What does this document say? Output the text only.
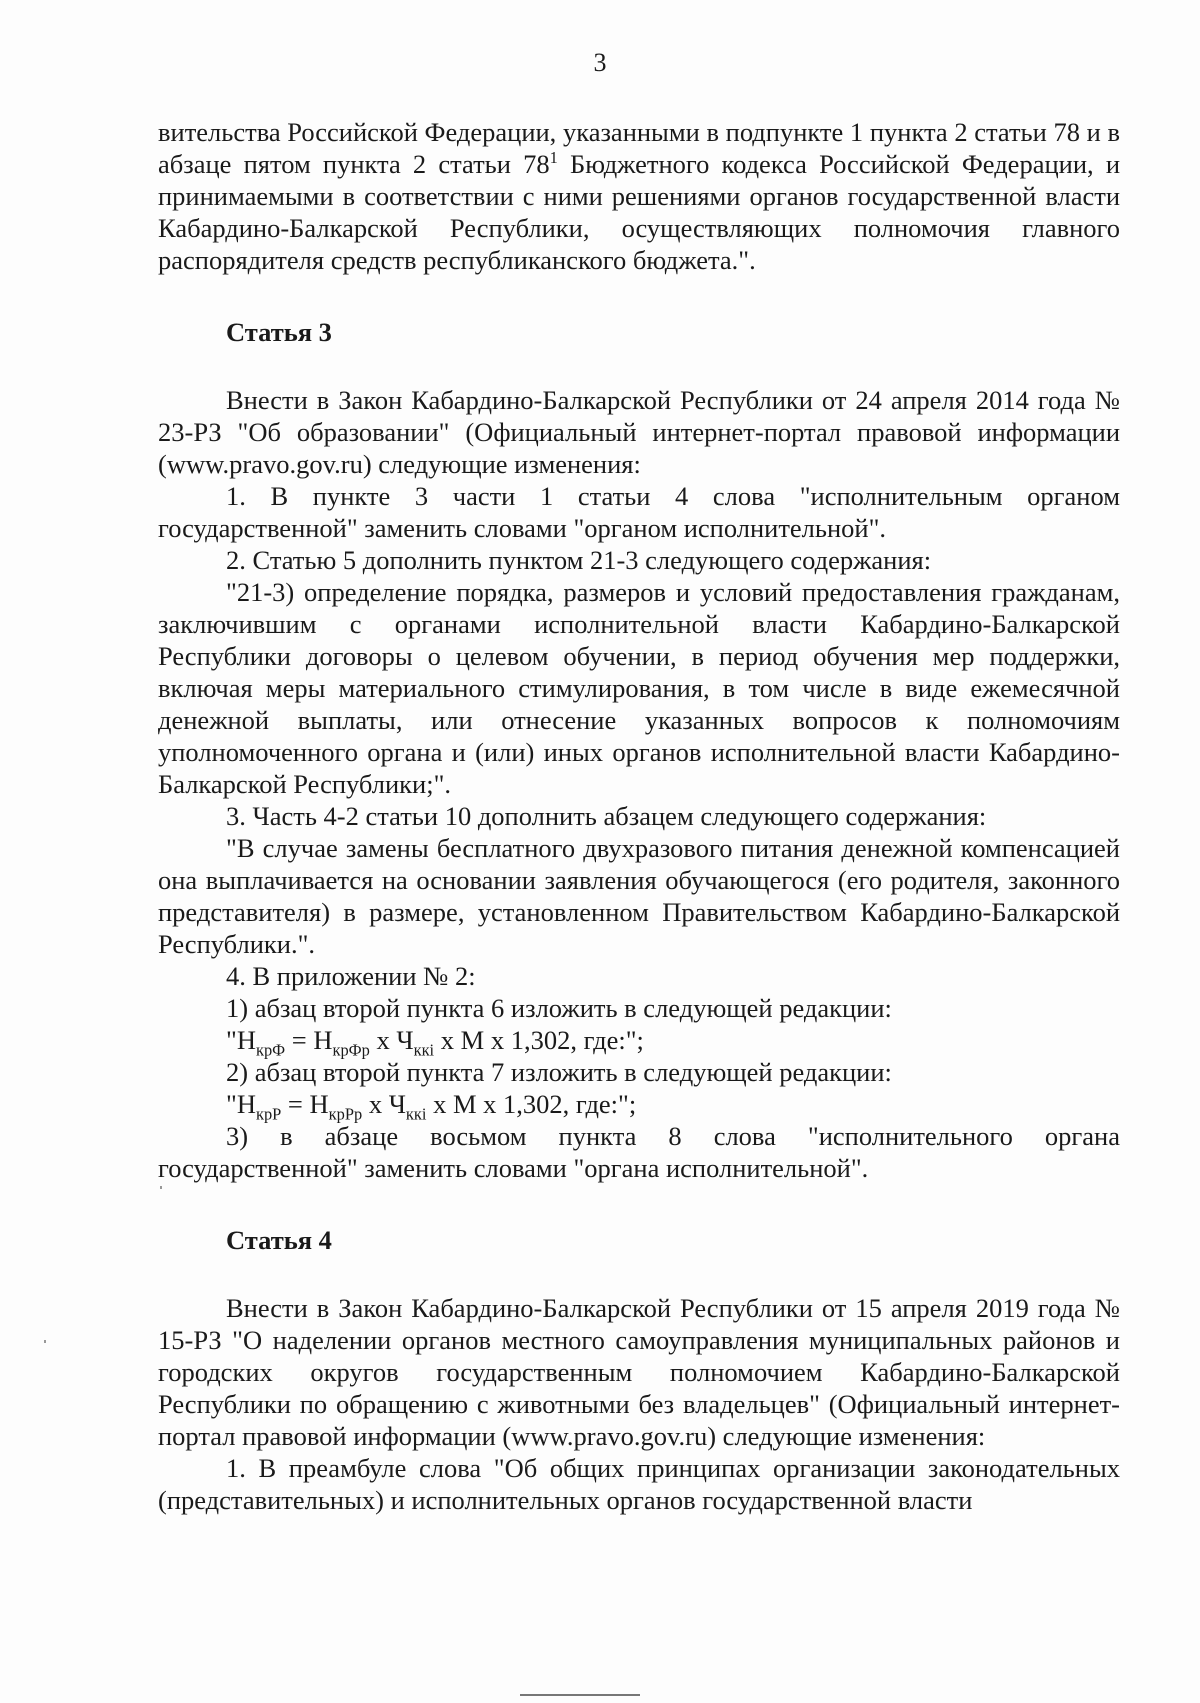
3

вительства Российской Федерации, указанными в подпункте 1 пункта 2 статьи 78 и в абзаце пятом пункта 2 статьи $78^1$ Бюджетного кодекса Российской Федерации, и принимаемыми в соответствии с ними решениями органов государственной власти Кабардино-Балкарской Республики, осуществляющих полномочия главного распорядителя средств республиканского бюджета.".

Статья 3

Внести в Закон Кабардино-Балкарской Республики от 24 апреля 2014 года № 23-РЗ "Об образовании" (Официальный интернет-портал правовой информации (www.pravo.gov.ru) следующие изменения:

1. В пункте 3 части 1 статьи 4 слова "исполнительным органом государственной" заменить словами "органом исполнительной".

2. Статью 5 дополнить пунктом 21-3 следующего содержания:

"21-3) определение порядка, размеров и условий предоставления гражданам, заключившим с органами исполнительной власти Кабардино-Балкарской Республики договоры о целевом обучении, в период обучения мер поддержки, включая меры материального стимулирования, в том числе в виде ежемесячной денежной выплаты, или отнесение указанных вопросов к полномочиям уполномоченного органа и (или) иных органов исполнительной власти Кабардино-Балкарской Республики;".

3. Часть 4-2 статьи 10 дополнить абзацем следующего содержания:

"В случае замены бесплатного двухразового питания денежной компенсацией она выплачивается на основании заявления обучающегося (его родителя, законного представителя) в размере, установленном Правительством Кабардино-Балкарской Республики.".

4. В приложении № 2:

1) абзац второй пункта 6 изложить в следующей редакции:

"$Н_{крФ} = Н_{крФр}$ х $Ч_{ккi}$ х М х 1,302, где:";

2) абзац второй пункта 7 изложить в следующей редакции:

"$Н_{крР} = Н_{крРр}$ х $Ч_{ккi}$ х М х 1,302, где:";

3) в абзаце восьмом пункта 8 слова "исполнительного органа государственной" заменить словами "органа исполнительной".

Статья 4

Внести в Закон Кабардино-Балкарской Республики от 15 апреля 2019 года № 15-РЗ "О наделении органов местного самоуправления муниципальных районов и городских округов государственным полномочием Кабардино-Балкарской Республики по обращению с животными без владельцев" (Официальный интернет-портал правовой информации (www.pravo.gov.ru) следующие изменения:

1. В преамбуле слова "Об общих принципах организации законодательных (представительных) и исполнительных органов государственной власти
